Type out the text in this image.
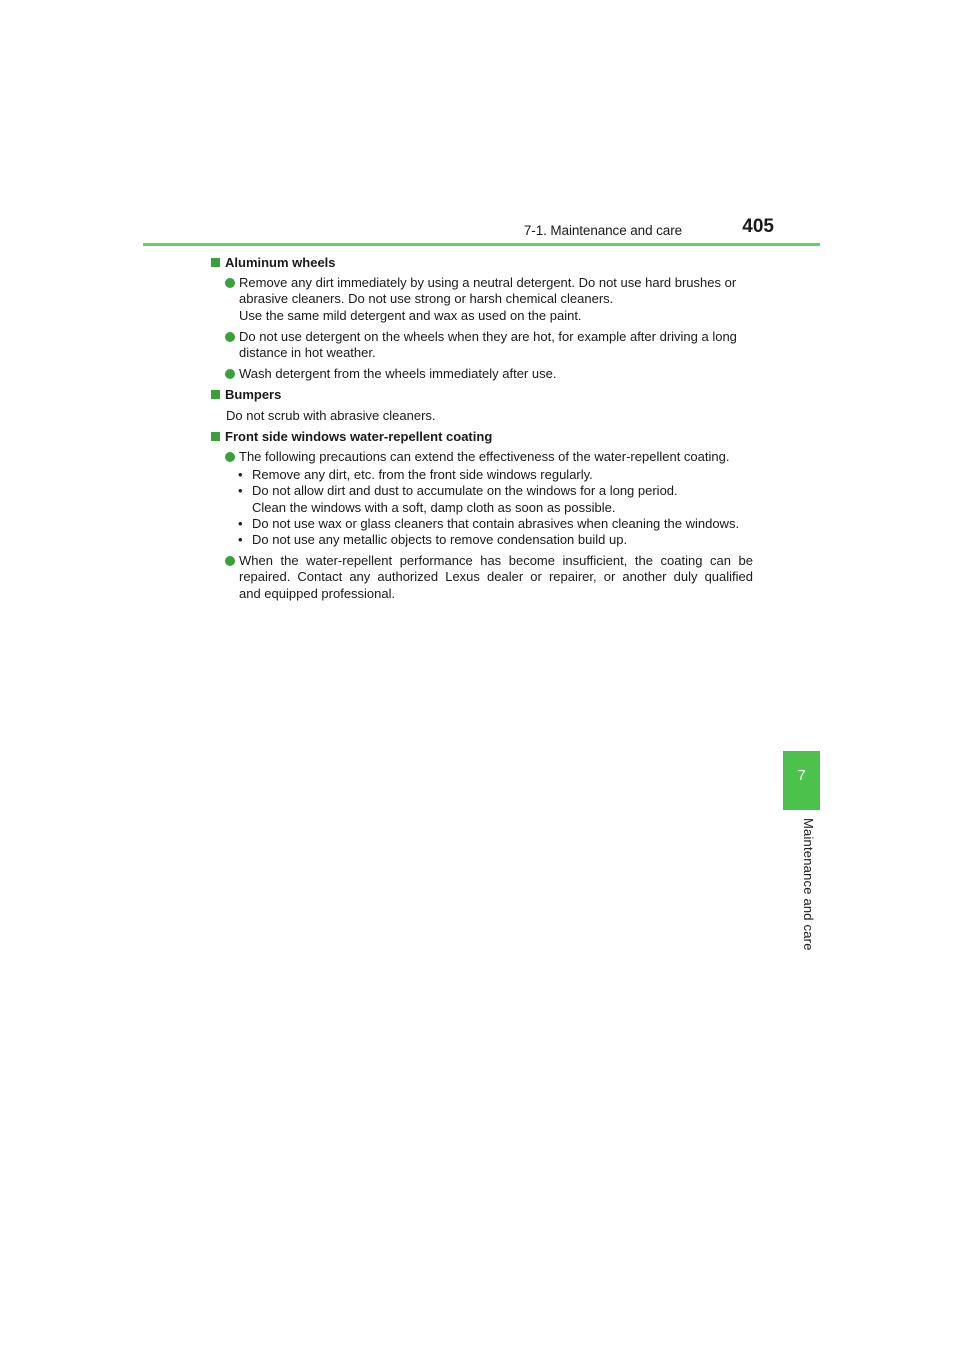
7-1. Maintenance and care	405
7
Maintenance and care
Aluminum wheels
Remove any dirt immediately by using a neutral detergent. Do not use hard brushes or
abrasive cleaners. Do not use strong or harsh chemical cleaners.
Use the same mild detergent and wax as used on the paint.
Do not use detergent on the wheels when they are hot, for example after driving a long
distance in hot weather.
Wash detergent from the wheels immediately after use.
Bumpers
Do not scrub with abrasive cleaners.
Front side windows water-repellent coating
The following precautions can extend the effectiveness of the water-repellent coating.
• Remove any dirt, etc. from the front side windows regularly.
• Do not allow dirt and dust to accumulate on the windows for a long period.
Clean the windows with a soft, damp cloth as soon as possible.
• Do not use wax or glass cleaners that contain abrasives when cleaning the windows.
• Do not use any metallic objects to remove condensation build up.
When the water-repellent performance has become insufficient, the coating can be
repaired. Contact any authorized Lexus dealer or repairer, or another duly qualified
and equipped professional.
